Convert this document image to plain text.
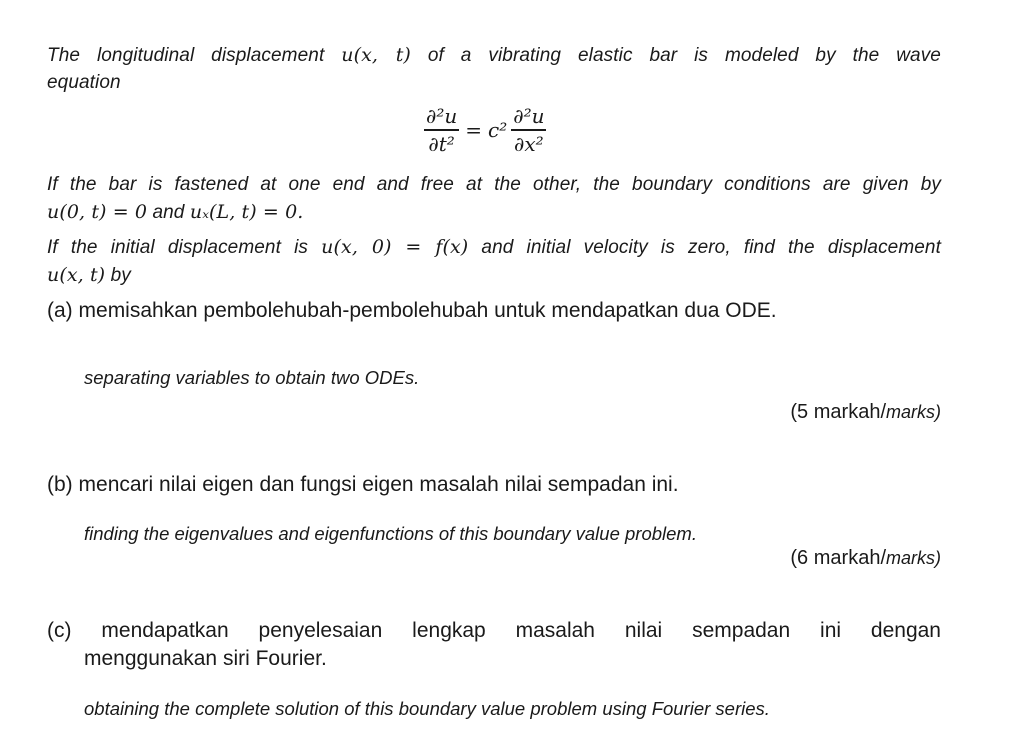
The longitudinal displacement u(x, t) of a vibrating elastic bar is modeled by the wave
equation
$\frac{\text{∂²u}}{\text{∂t²}} = c^2 \frac{\text{∂²u}}{\text{∂x²}}$
If the bar is fastened at one end and free at the other, the boundary conditions are given by
u(0, t) = 0 and uₓ(L, t) = 0.
If the initial displacement is u(x, 0) = f(x) and initial velocity is zero, find the displacement
u(x, t) by
(a) memisahkan pembolehubah-pembolehubah untuk mendapatkan dua ODE.
separating variables to obtain two ODEs.
(5 markah/marks)
(b) mencari nilai eigen dan fungsi eigen masalah nilai sempadan ini.
finding the eigenvalues and eigenfunctions of this boundary value problem.
(6 markah/marks)
(c) mendapatkan penyelesaian lengkap masalah nilai sempadan ini dengan
menggunakan siri Fourier.
obtaining the complete solution of this boundary value problem using Fourier series.
